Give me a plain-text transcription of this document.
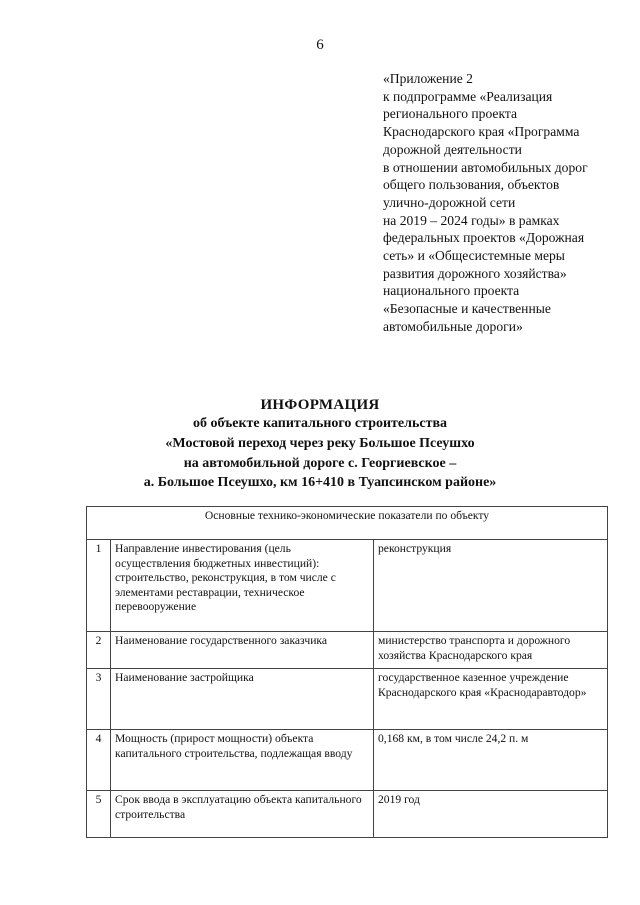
6
«Приложение 2
к подпрограмме «Реализация
регионального проекта
Краснодарского края «Программа
дорожной деятельности
в отношении автомобильных дорог
общего пользования, объектов
улично-дорожной сети
на 2019 – 2024 годы» в рамках
федеральных проектов «Дорожная
сеть» и «Общесистемные меры
развития дорожного хозяйства»
национального проекта
«Безопасные и качественные
автомобильные дороги»
ИНФОРМАЦИЯ
об объекте капитального строительства
«Мостовой переход через реку Большое Псеушхо
на автомобильной дороге с. Георгиевское –
а. Большое Псеушхо, км 16+410 в Туапсинском районе»
Основные технико-экономические показатели по объекту		
1	Направление инвестирования (цель осуществления бюджетных инвестиций): строительство, реконструкция, в том числе с элементами реставрации, техническое перевооружение	реконструкция
2	Наименование государственного заказчика	министерство транспорта и дорожного хозяйства Краснодарского края
3	Наименование застройщика	государственное казенное учреждение Краснодарского края «Краснодаравтодор»
4	Мощность (прирост мощности) объекта капитального строительства, подлежащая вводу	0,168 км, в том числе 24,2 п. м
5	Срок ввода в эксплуатацию объекта капитального строительства	2019 год
